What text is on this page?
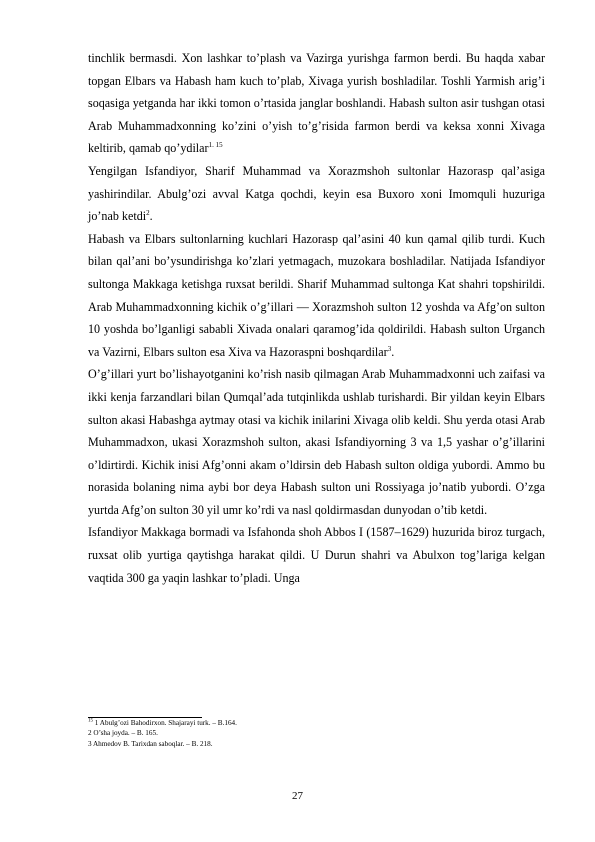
tinchlik bermasdi. Xon lashkar to’plash va Vazirga yurishga farmon berdi. Bu haqda xabar topgan Elbars va Habash ham kuch to’plab, Xivaga yurish boshladilar. Toshli Yarmish arig’i soqasiga yetganda har ikki tomon o’rtasida janglar boshlandi. Habash sulton asir tushgan otasi Arab Muhammadxonning ko’zini o’yish to’g’risida farmon berdi va keksa xonni Xivaga keltirib, qamab qo’ydilar$^{1. 15}$

Yengilgan Isfandiyor, Sharif Muhammad va Xorazmshoh sultonlar Hazorasp qal’asiga yashirindilar. Abulg’ozi avval Katga qochdi, keyin esa Buxoro xoni Imomquli huzuriga jo’nab ketdi$^2$.

Habash va Elbars sultonlarning kuchlari Hazorasp qal’asini 40 kun qamal qilib turdi. Kuch bilan qal’ani bo’ysundirishga ko’zlari yetmagach, muzokara boshladilar. Natijada Isfandiyor sultonga Makkaga ketishga ruxsat berildi. Sharif Muhammad sultonga Kat shahri topshirildi. Arab Muhammadxonning kichik o’g’illari — Xorazmshoh sulton 12 yoshda va Afg’on sulton 10 yoshda bo’lganligi sababli Xivada onalari qaramog’ida qoldirildi. Habash sulton Urganch va Vazirni, Elbars sulton esa Xiva va Hazoraspni boshqardilar$^3$.

O’g’illari yurt bo’lishayotganini ko’rish nasib qilmagan Arab Muhammadxonni uch zaifasi va ikki kenja farzandlari bilan Qumqal’ada tutqinlikda ushlab turishardi. Bir yildan keyin Elbars sulton akasi Habashga aytmay otasi va kichik inilarini Xivaga olib keldi. Shu yerda otasi Arab Muhammadxon, ukasi Xorazmshoh sulton, akasi Isfandiyorning 3 va 1,5 yashar o’g’illarini o’ldirtirdi. Kichik inisi Afg’onni akam o’ldirsin deb Habash sulton oldiga yubordi. Ammo bu norasida bolaning nima aybi bor deya Habash sulton uni Rossiyaga jo’natib yubordi. O’zga yurtda Afg’on sulton 30 yil umr ko’rdi va nasl qoldirmasdan dunyodan o’tib ketdi.

Isfandiyor Makkaga bormadi va Isfahonda shoh Abbos I (1587–1629) huzurida biroz turgach, ruxsat olib yurtiga qaytishga harakat qildi. U Durun shahri va Abulxon tog’lariga kelgan vaqtida 300 ga yaqin lashkar to’pladi. Unga

$^{15}$ 1 Abulg’ozi Bahodirxon. Shajarayi turk. – B.164.

2 O’sha joyda. – B. 165.

3 Ahmedov B. Tarixdan saboqlar. – B. 218.

27
